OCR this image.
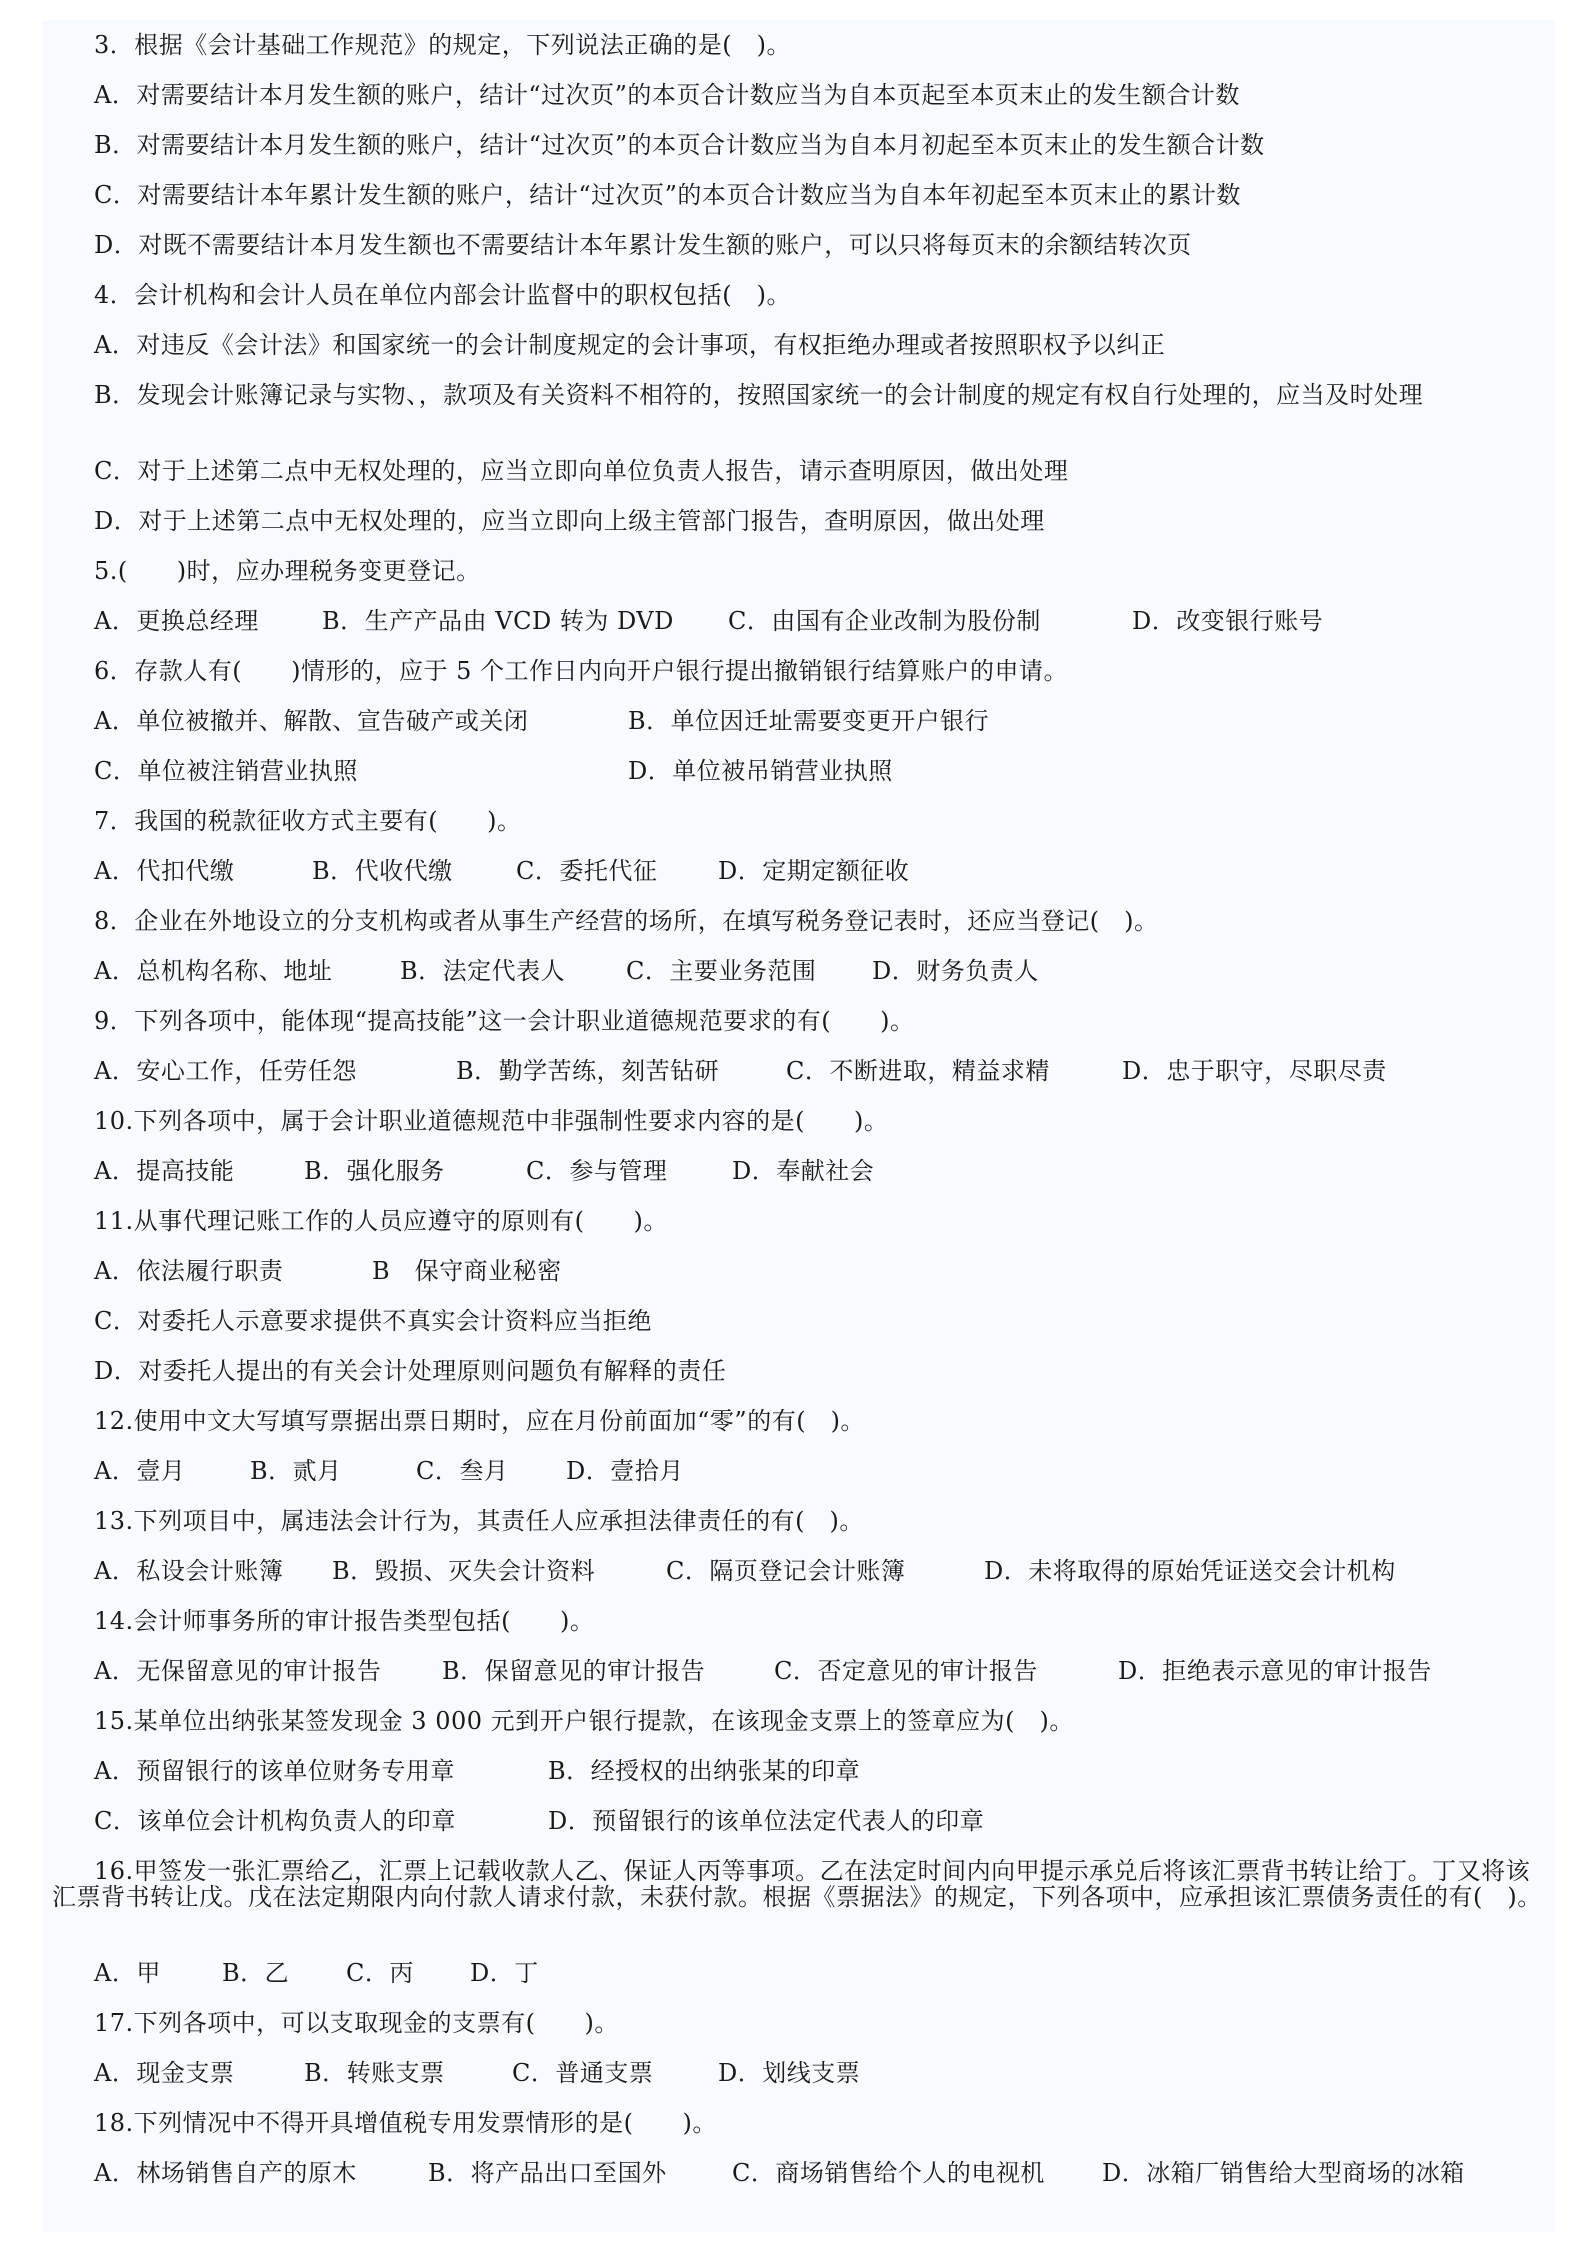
3．根据《会计基础工作规范》的规定，下列说法正确的是(　)。
A．对需要结计本月发生额的账户，结计“过次页”的本页合计数应当为自本页起至本页末止的发生额合计数
B．对需要结计本月发生额的账户，结计“过次页”的本页合计数应当为自本月初起至本页末止的发生额合计数
C．对需要结计本年累计发生额的账户，结计“过次页”的本页合计数应当为自本年初起至本页末止的累计数
D．对既不需要结计本月发生额也不需要结计本年累计发生额的账户，可以只将每页末的余额结转次页
4．会计机构和会计人员在单位内部会计监督中的职权包括(　)。
A．对违反《会计法》和国家统一的会计制度规定的会计事项，有权拒绝办理或者按照职权予以纠正
B．发现会计账簿记录与实物、，款项及有关资料不相符的，按照国家统一的会计制度的规定有权自行处理的，应当及时处理
C．对于上述第二点中无权处理的，应当立即向单位负责人报告，请示查明原因，做出处理
D．对于上述第二点中无权处理的，应当立即向上级主管部门报告，查明原因，做出处理
5.(　　)时，应办理税务变更登记。
A．更换总经理	B．生产产品由 VCD 转为 DVD C．由国有企业改制为股份制	D．改变银行账号
6．存款人有(　　)情形的，应于 5 个工作日内向开户银行提出撤销银行结算账户的申请。
A．单位被撤并、解散、宣告破产或关闭	B．单位因迁址需要变更开户银行
C．单位被注销营业执照	D．单位被吊销营业执照
7．我国的税款征收方式主要有(　　)。
A．代扣代缴	B．代收代缴	C．委托代征	D．定期定额征收
8．企业在外地设立的分支机构或者从事生产经营的场所，在填写税务登记表时，还应当登记(　)。
A．总机构名称、地址	B．法定代表人	C．主要业务范围 D．财务负责人
9．下列各项中，能体现“提高技能”这一会计职业道德规范要求的有(　　)。
A．安心工作，任劳任怨	B．勤学苦练，刻苦钻研	C．不断进取，精益求精	D．忠于职守，尽职尽责
10.下列各项中，属于会计职业道德规范中非强制性要求内容的是(　　)。
A．提高技能	B．强化服务	C．参与管理	D．奉献社会
11.从事代理记账工作的人员应遵守的原则有(　　)。
A．依法履行职责	B　保守商业秘密
C．对委托人示意要求提供不真实会计资料应当拒绝
D．对委托人提出的有关会计处理原则问题负有解释的责任
12.使用中文大写填写票据出票日期时，应在月份前面加“零”的有(　)。
A．壹月	B．贰月	C．叁月 D．壹拾月
13.下列项目中，属违法会计行为，其责任人应承担法律责任的有(　)。
A．私设会计账簿 B．毁损、灭失会计资料	C．隔页登记会计账簿	D．未将取得的原始凭证送交会计机构
14.会计师事务所的审计报告类型包括(　　)。
A．无保留意见的审计报告	B．保留意见的审计报告	C．否定意见的审计报告	D．拒绝表示意见的审计报告
15.某单位出纳张某签发现金 3 000 元到开户银行提款，在该现金支票上的签章应为(　)。
A．预留银行的该单位财务专用章	B．经授权的出纳张某的印章
C．该单位会计机构负责人的印章	D．预留银行的该单位法定代表人的印章
16.甲签发一张汇票给乙，汇票上记载收款人乙、保证人丙等事项。乙在法定时间内向甲提示承兑后将该汇票背书转让给丁。丁又将该汇票背书转让戊。戊在法定期限内向付款人请求付款，未获付款。根据《票据法》的规定，下列各项中，应承担该汇票债务责任的有(　)。
A．甲	B．乙 C．丙 D．丁
17.下列各项中，可以支取现金的支票有(　　)。
A．现金支票	B．转账支票	C．普通支票	D．划线支票
18.下列情况中不得开具增值税专用发票情形的是(　　)。
A．林场销售自产的原木	B．将产品出口至国外	C．商场销售给个人的电视机 D．冰箱厂销售给大型商场的冰箱
